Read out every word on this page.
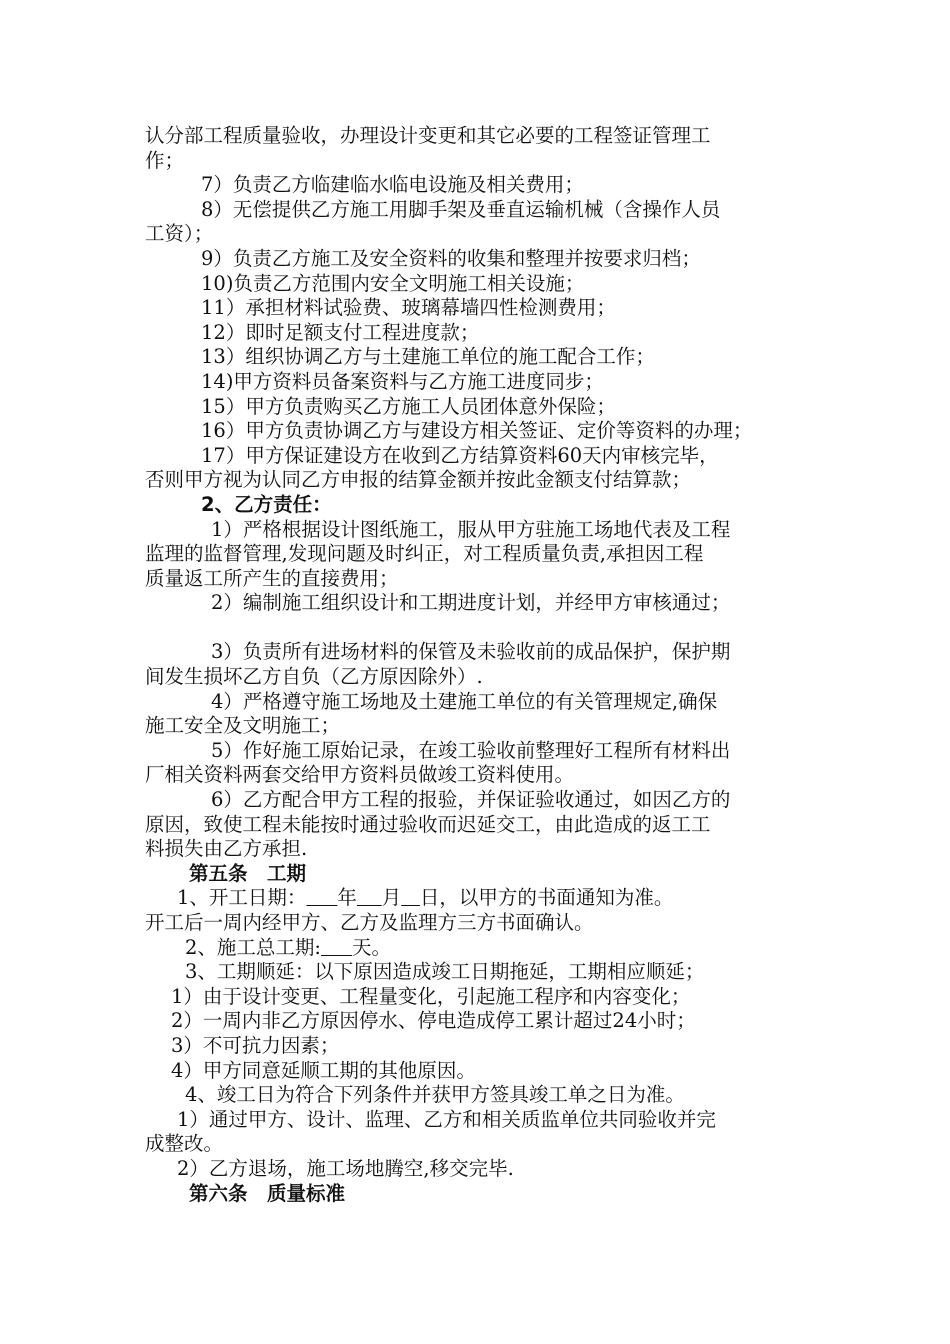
认分部工程质量验收，办理设计变更和其它必要的工程签证管理工

作；

7）负责乙方临建临水临电设施及相关费用；

8）无偿提供乙方施工用脚手架及垂直运输机械（含操作人员

工资）；

9）负责乙方施工及安全资料的收集和整理并按要求归档；

10)负责乙方范围内安全文明施工相关设施；

11）承担材料试验费、玻璃幕墙四性检测费用；

12）即时足额支付工程进度款；

13）组织协调乙方与土建施工单位的施工配合工作；

14)甲方资料员备案资料与乙方施工进度同步；

15）甲方负责购买乙方施工人员团体意外保险；

16）甲方负责协调乙方与建设方相关签证、定价等资料的办理；

17）甲方保证建设方在收到乙方结算资料60天内审核完毕，

否则甲方视为认同乙方申报的结算金额并按此金额支付结算款；

2、乙方责任：

1）严格根据设计图纸施工，服从甲方驻施工场地代表及工程

监理的监督管理,发现问题及时纠正，对工程质量负责,承担因工程

质量返工所产生的直接费用；

2）编制施工组织设计和工期进度计划，并经甲方审核通过；

3）负责所有进场材料的保管及未验收前的成品保护，保护期

间发生损坏乙方自负（乙方原因除外）.

4）严格遵守施工场地及土建施工单位的有关管理规定,确保

施工安全及文明施工；

5）作好施工原始记录，在竣工验收前整理好工程所有材料出

厂相关资料两套交给甲方资料员做竣工资料使用。

6）乙方配合甲方工程的报验，并保证验收通过，如因乙方的

原因，致使工程未能按时通过验收而迟延交工，由此造成的返工工

料损失由乙方承担.

第五条　工期

1、开工日期： 年 月 日，以甲方的书面通知为准。

开工后一周内经甲方、乙方及监理方三方书面确认。

2、施工总工期: 天。

3、工期顺延：以下原因造成竣工日期拖延，工期相应顺延；

1）由于设计变更、工程量变化，引起施工程序和内容变化；

2）一周内非乙方原因停水、停电造成停工累计超过24小时；

3）不可抗力因素；

4）甲方同意延顺工期的其他原因。

4、竣工日为符合下列条件并获甲方签具竣工单之日为准。

1）通过甲方、设计、监理、乙方和相关质监单位共同验收并完

成整改。

2）乙方退场，施工场地腾空,移交完毕.

第六条　质量标准
